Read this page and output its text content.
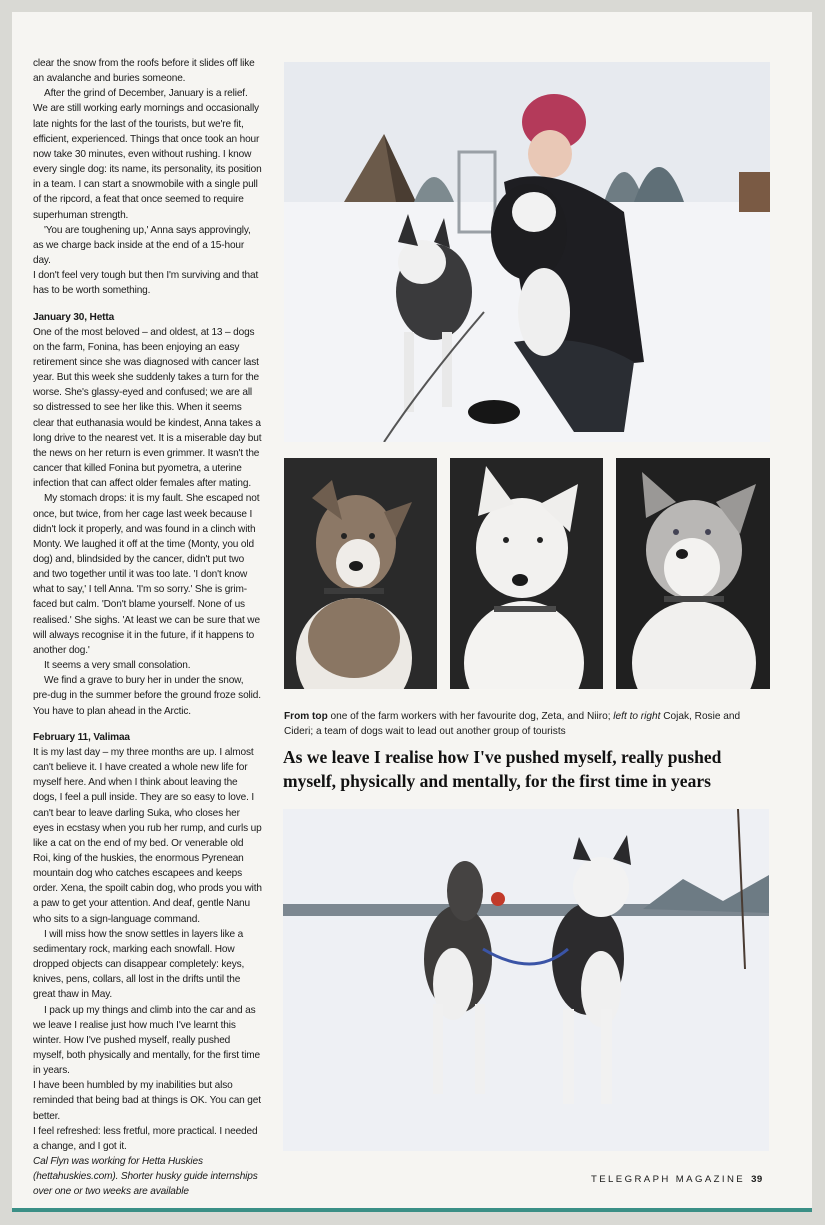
clear the snow from the roofs before it slides off like an avalanche and buries someone.

After the grind of December, January is a relief. We are still working early mornings and occasionally late nights for the last of the tourists, but we're fit, efficient, experienced. Things that once took an hour now take 30 minutes, even without rushing. I know every single dog: its name, its personality, its position in a team. I can start a snowmobile with a single pull of the ripcord, a feat that once seemed to require superhuman strength.

'You are toughening up,' Anna says approvingly, as we charge back inside at the end of a 15-hour day.

I don't feel very tough but then I'm surviving and that has to be worth something.

January 30, Hetta

One of the most beloved – and oldest, at 13 – dogs on the farm, Fonina, has been enjoying an easy retirement since she was diagnosed with cancer last year. But this week she suddenly takes a turn for the worse. She's glassy-eyed and confused; we are all so distressed to see her like this. When it seems clear that euthanasia would be kindest, Anna takes a long drive to the nearest vet. It is a miserable day but the news on her return is even grimmer. It wasn't the cancer that killed Fonina but pyometra, a uterine infection that can affect older females after mating.

My stomach drops: it is my fault. She escaped not once, but twice, from her cage last week because I didn't lock it properly, and was found in a clinch with Monty. We laughed it off at the time (Monty, you old dog) and, blindsided by the cancer, didn't put two and two together until it was too late. 'I don't know what to say,' I tell Anna. 'I'm so sorry.' She is grim-faced but calm. 'Don't blame yourself. None of us realised.' She sighs. 'At least we can be sure that we will always recognise it in the future, if it happens to another dog.'

It seems a very small consolation.

We find a grave to bury her in under the snow, pre-dug in the summer before the ground froze solid. You have to plan ahead in the Arctic.

February 11, Valimaa

It is my last day – my three months are up. I almost can't believe it. I have created a whole new life for myself here. And when I think about leaving the dogs, I feel a pull inside. They are so easy to love. I can't bear to leave darling Suka, who closes her eyes in ecstasy when you rub her rump, and curls up like a cat on the end of my bed. Or venerable old Roi, king of the huskies, the enormous Pyrenean mountain dog who catches escapees and keeps order. Xena, the spoilt cabin dog, who prods you with a paw to get your attention. And deaf, gentle Nanu who sits to a sign-language command.

I will miss how the snow settles in layers like a sedimentary rock, marking each snowfall. How dropped objects can disappear completely: keys, knives, pens, collars, all lost in the drifts until the great thaw in May.

I pack up my things and climb into the car and as we leave I realise just how much I've learnt this winter. How I've pushed myself, really pushed myself, both physically and mentally, for the first time in years.

I have been humbled by my inabilities but also reminded that being bad at things is OK. You can get better.

I feel refreshed: less fretful, more practical. I needed a change, and I got it.

Cal Flyn was working for Hetta Huskies (hettahuskies.com). Shorter husky guide internships over one or two weeks are available

From top one of the farm workers with her favourite dog, Zeta, and Niiro; left to right Cojak, Rosie and Cideri; a team of dogs wait to lead out another group of tourists
As we leave I realise how I've pushed myself, really pushed myself, physically and mentally, for the first time in years
TELEGRAPH MAGAZINE 39
